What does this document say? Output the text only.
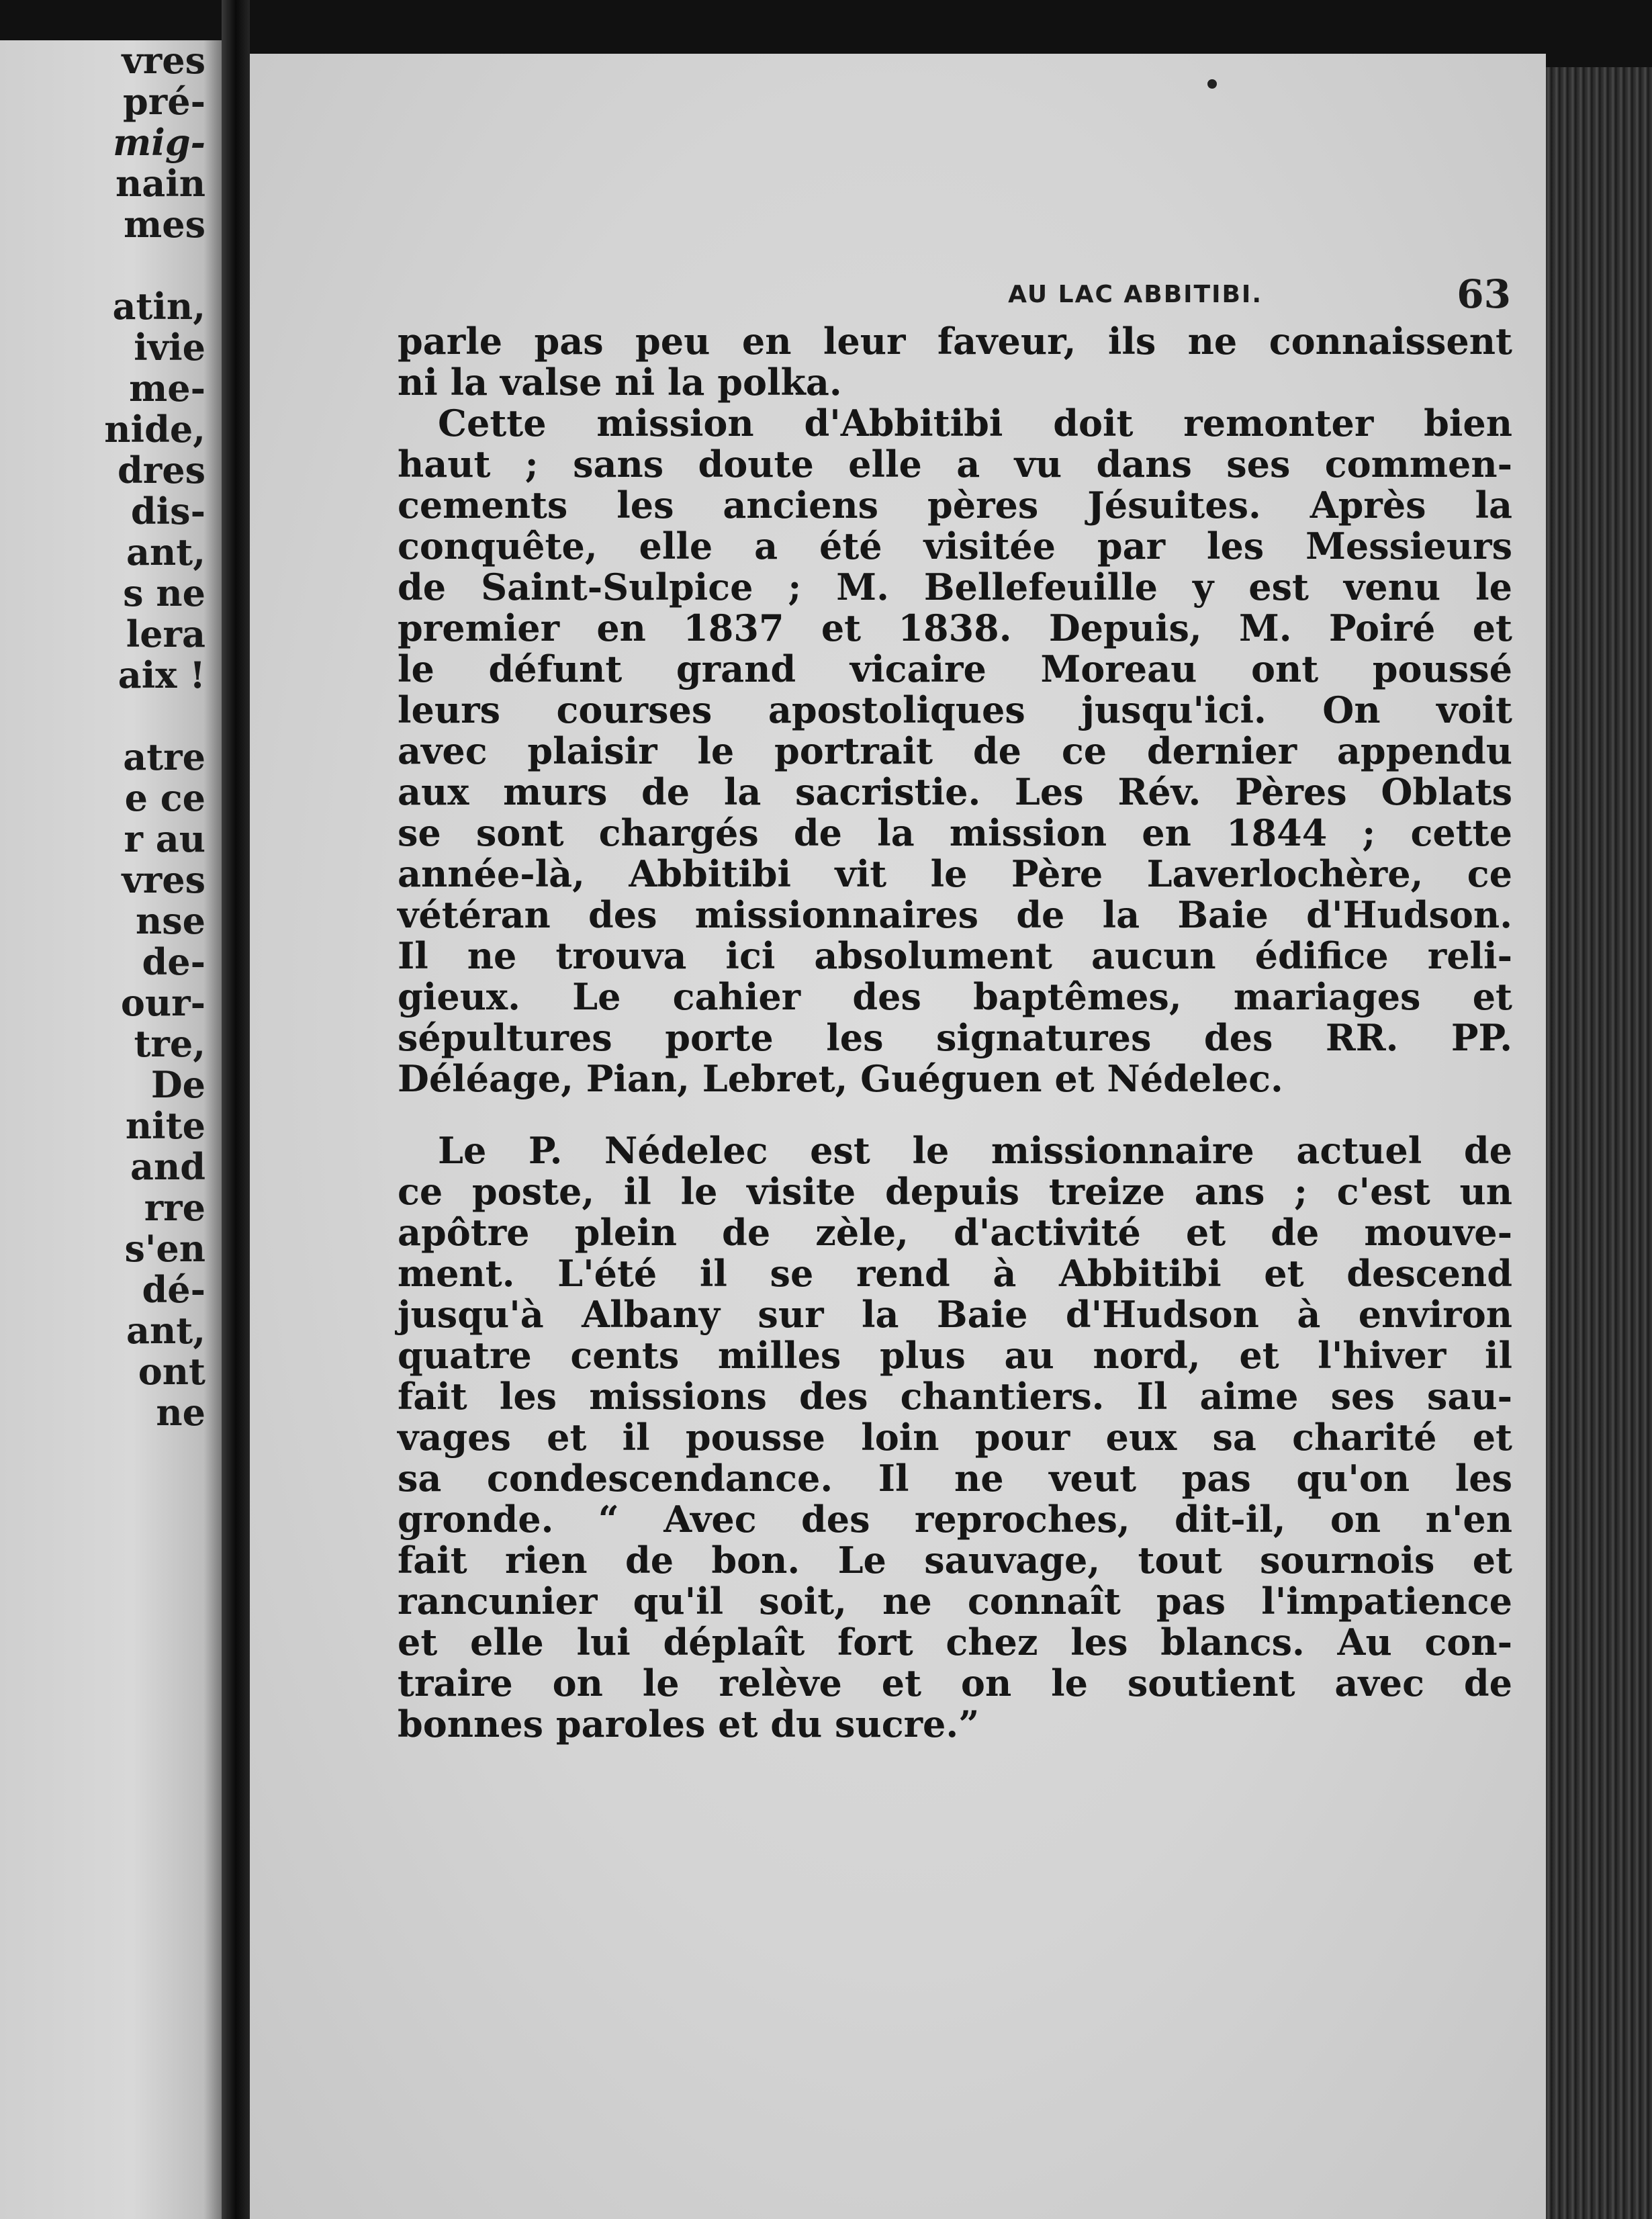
vres
pré-
mig-
nain
mes
atin,
ivie
me-
nide,
dres
dis-
ant,
s ne
lera
aix !
atre
e ce
r au
vres
nse
de-
our-
tre,
De
nite
and
rre
s'en
dé-
ant,
ont
ne
AU LAC ABBITIBI.	63
parle pas peu en leur faveur, ils ne connaissent
ni la valse ni la polka.
Cette mission d'Abbitibi doit remonter bien
haut ; sans doute elle a vu dans ses commen-
cements les anciens pères Jésuites. Après la
conquête, elle a été visitée par les Messieurs
de Saint-Sulpice ; M. Bellefeuille y est venu le
premier en 1837 et 1838. Depuis, M. Poiré et
le défunt grand vicaire Moreau ont poussé
leurs courses apostoliques jusqu'ici. On voit
avec plaisir le portrait de ce dernier appendu
aux murs de la sacristie. Les Rév. Pères Oblats
se sont chargés de la mission en 1844 ; cette
année-là, Abbitibi vit le Père Laverlochère, ce
vétéran des missionnaires de la Baie d'Hudson.
Il ne trouva ici absolument aucun édifice reli-
gieux. Le cahier des baptêmes, mariages et
sépultures porte les signatures des RR. PP.
Déléage, Pian, Lebret, Guéguen et Nédelec.
Le P. Nédelec est le missionnaire actuel de
ce poste, il le visite depuis treize ans ; c'est un
apôtre plein de zèle, d'activité et de mouve-
ment. L'été il se rend à Abbitibi et descend
jusqu'à Albany sur la Baie d'Hudson à environ
quatre cents milles plus au nord, et l'hiver il
fait les missions des chantiers. Il aime ses sau-
vages et il pousse loin pour eux sa charité et
sa condescendance. Il ne veut pas qu'on les
gronde. “ Avec des reproches, dit-il, on n'en
fait rien de bon. Le sauvage, tout sournois et
rancunier qu'il soit, ne connaît pas l'impatience
et elle lui déplaît fort chez les blancs. Au con-
traire on le relève et on le soutient avec de
bonnes paroles et du sucre.”
